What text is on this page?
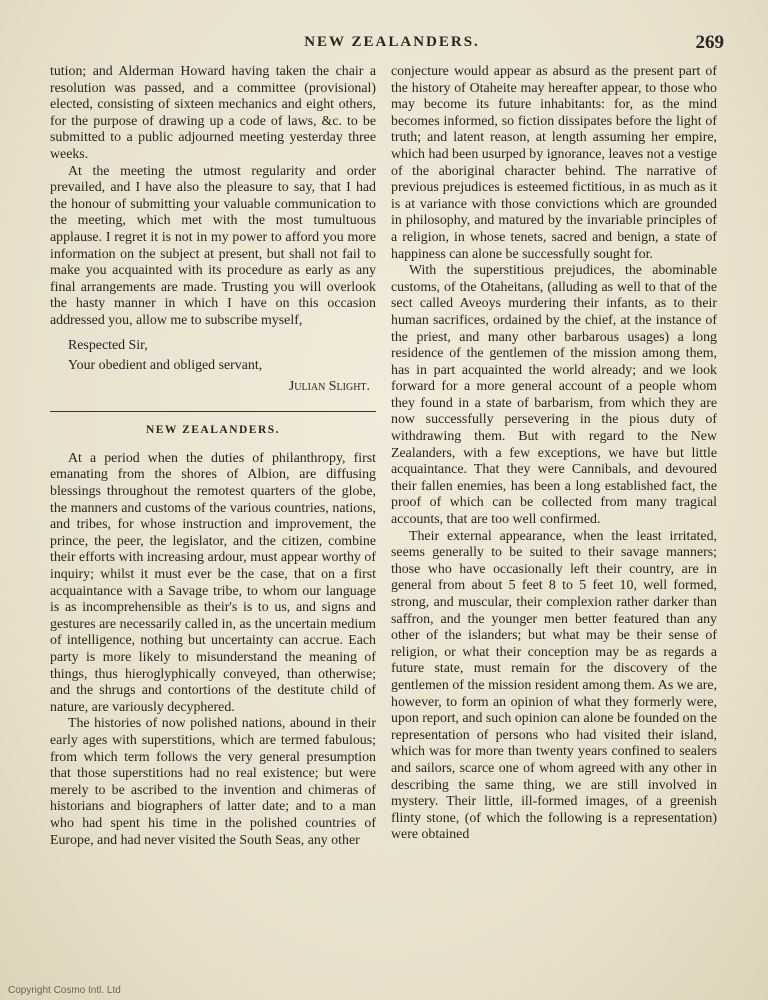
NEW ZEALANDERS.	269

tution; and Alderman Howard having taken the chair a resolution was passed, and a committee (provisional) elected, consisting of sixteen mechanics and eight others, for the purpose of drawing up a code of laws, &c. to be submitted to a public adjourned meeting yesterday three weeks.

At the meeting the utmost regularity and order prevailed, and I have also the pleasure to say, that I had the honour of submitting your valuable communication to the meeting, which met with the most tumultuous applause. I regret it is not in my power to afford you more information on the subject at present, but shall not fail to make you acquainted with its procedure as early as any final arrangements are made. Trusting you will overlook the hasty manner in which I have on this occasion addressed you, allow me to subscribe myself,

Respected Sir,
Your obedient and obliged servant,
Julian Slight.
NEW ZEALANDERS.

At a period when the duties of philanthropy, first emanating from the shores of Albion, are diffusing blessings throughout the remotest quarters of the globe, the manners and customs of the various countries, nations, and tribes, for whose instruction and improvement, the prince, the peer, the legislator, and the citizen, combine their efforts with increasing ardour, must appear worthy of inquiry; whilst it must ever be the case, that on a first acquaintance with a Savage tribe, to whom our language is as incomprehensible as their's is to us, and signs and gestures are necessarily called in, as the uncertain medium of intelligence, nothing but uncertainty can accrue. Each party is more likely to misunderstand the meaning of things, thus hieroglyphically conveyed, than otherwise; and the shrugs and contortions of the destitute child of nature, are variously decyphered.

The histories of now polished nations, abound in their early ages with superstitions, which are termed fabulous; from which term follows the very general presumption that those superstitions had no real existence; but were merely to be ascribed to the invention and chimeras of historians and biographers of latter date; and to a man who had spent his time in the polished countries of Europe, and had never visited the South Seas, any other

conjecture would appear as absurd as the present part of the history of Otaheite may hereafter appear, to those who may become its future inhabitants: for, as the mind becomes informed, so fiction dissipates before the light of truth; and latent reason, at length assuming her empire, which had been usurped by ignorance, leaves not a vestige of the aboriginal character behind. The narrative of previous prejudices is esteemed fictitious, in as much as it is at variance with those convictions which are grounded in philosophy, and matured by the invariable principles of a religion, in whose tenets, sacred and benign, a state of happiness can alone be successfully sought for.

With the superstitious prejudices, the abominable customs, of the Otaheitans, (alluding as well to that of the sect called Aveoys murdering their infants, as to their human sacrifices, ordained by the chief, at the instance of the priest, and many other barbarous usages) a long residence of the gentlemen of the mission among them, has in part acquainted the world already; and we look forward for a more general account of a people whom they found in a state of barbarism, from which they are now successfully persevering in the pious duty of withdrawing them. But with regard to the New Zealanders, with a few exceptions, we have but little acquaintance. That they were Cannibals, and devoured their fallen enemies, has been a long established fact, the proof of which can be collected from many tragical accounts, that are too well confirmed.

Their external appearance, when the least irritated, seems generally to be suited to their savage manners; those who have occasionally left their country, are in general from about 5 feet 8 to 5 feet 10, well formed, strong, and muscular, their complexion rather darker than saffron, and the younger men better featured than any other of the islanders; but what may be their sense of religion, or what their conception may be as regards a future state, must remain for the discovery of the gentlemen of the mission resident among them. As we are, however, to form an opinion of what they formerly were, upon report, and such opinion can alone be founded on the representation of persons who had visited their island, which was for more than twenty years confined to sealers and sailors, scarce one of whom agreed with any other in describing the same thing, we are still involved in mystery. Their little, ill-formed images, of a greenish flinty stone, (of which the following is a representation) were obtained

Copyright Cosmo Intl. Ltd
